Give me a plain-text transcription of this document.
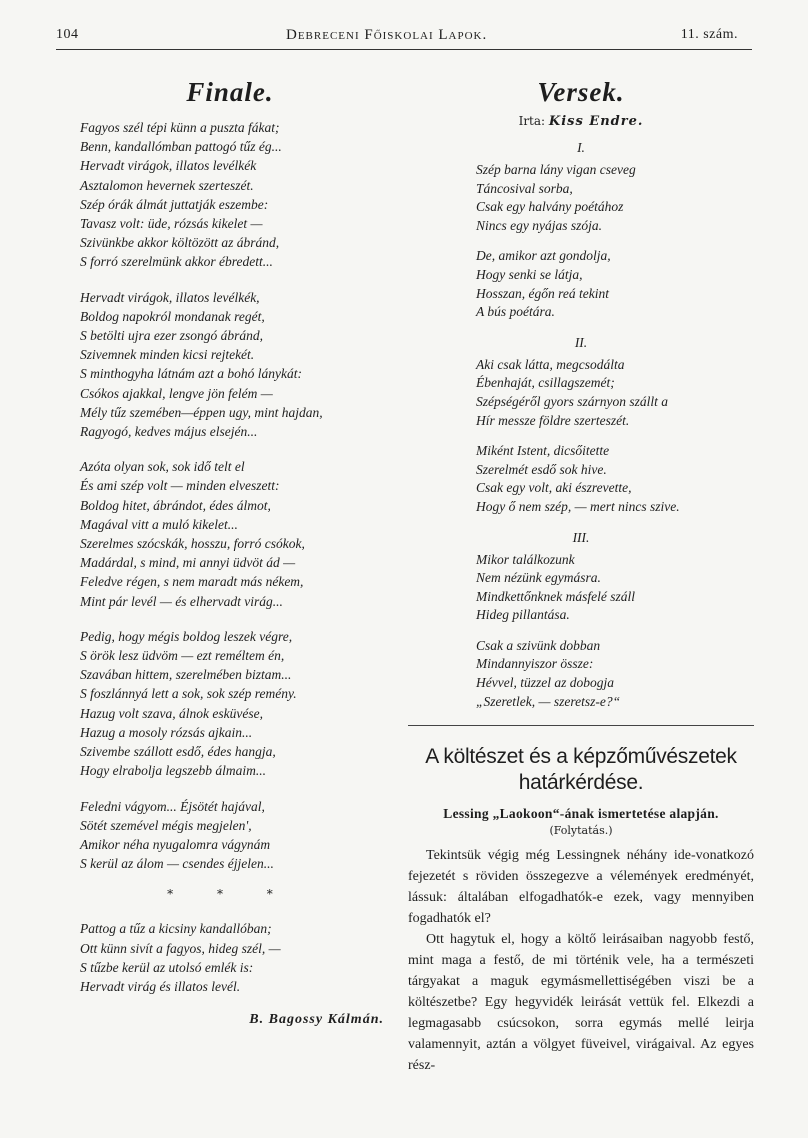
104	Debreceni Főiskolai Lapok.	11. szám.
Finale.
Fagyos szél tépi künn a puszta fákat;
Benn, kandallómban pattogó tűz ég...
Hervadt virágok, illatos levélkék
Asztalomon hevernek szerteszét.
Szép órák álmát juttatják eszembe:
Tavasz volt: üde, rózsás kikelet —
Szivünkbe akkor költözött az ábránd,
S forró szerelmünk akkor ébredett...
Hervadt virágok, illatos levélkék,
Boldog napokról mondanak regét,
S betölti ujra ezer zsongó ábránd,
Szivemnek minden kicsi rejtekét.
S minthogyha látnám azt a bohó lánykát:
Csókos ajakkal, lengve jön felém —
Mély tűz szemében—éppen ugy, mint hajdan,
Ragyogó, kedves május elsején...
Azóta olyan sok, sok idő telt el
És ami szép volt — minden elveszett:
Boldog hitet, ábrándot, édes álmot,
Magával vitt a muló kikelet...
Szerelmes szócskák, hosszu, forró csókok,
Madárdal, s mind, mi annyi üdvöt ád —
Feledve régen, s nem maradt más nékem,
Mint pár levél — és elhervadt virág...
Pedig, hogy mégis boldog leszek végre,
S örök lesz üdvöm — ezt reméltem én,
Szavában hittem, szerelmében biztam...
S foszlánnyá lett a sok, sok szép remény.
Hazug volt szava, álnok esküvése,
Hazug a mosoly rózsás ajkain...
Szivembe szállott esdő, édes hangja,
Hogy elrabolja legszebb álmaim...
Feledni vágyom... Éjsötét hajával,
Sötét szemével mégis megjelen',
Amikor néha nyugalomra vágynám
S kerül az álom — csendes éjjelen...
* * *
Pattog a tűz a kicsiny kandallóban;
Ott künn sivít a fagyos, hideg szél, —
S tűzbe kerül az utolsó emlék is:
Hervadt virág és illatos levél.
B. Bagossy Kálmán.
Versek.
Irta: Kiss Endre.
I.
Szép barna lány vigan cseveg
Táncosival sorba,
Csak egy halvány poétához
Nincs egy nyájas szója.
De, amikor azt gondolja,
Hogy senki se látja,
Hosszan, égőn reá tekint
A bús poétára.
II.
Aki csak látta, megcsodálta
Ébenhaját, csillagszemét;
Szépségéről gyors szárnyon szállt a
Hír messze földre szerteszét.
Miként Istent, dicsőitette
Szerelmét esdő sok hive.
Csak egy volt, aki észrevette,
Hogy ő nem szép, — mert nincs szive.
III.
Mikor találkozunk
Nem nézünk egymásra.
Mindkettőnknek másfelé száll
Hideg pillantása.
Csak a szivünk dobban
Mindannyiszor össze:
Hévvel, tüzzel az dobogja
„Szeretlek, — szeretsz-e?“
A költészet és a képzőművészetek
határkérdése.
Lessing „Laokoon“-ának ismertetése alapján.
(Folytatás.)

Tekintsük végig még Lessingnek néhány ide-vonatkozó fejezetét s röviden összegezve a vélemények eredményét, lássuk: általában elfogadhatók-e ezek, vagy mennyiben fogadhatók el?

Ott hagytuk el, hogy a költő leirásaiban nagyobb festő, mint maga a festő, de mi történik vele, ha a természeti tárgyakat a maguk egymásmellettiségében viszi be a költészetbe? Egy hegyvidék leirását vettük fel. Elkezdi a legmagasabb csúcsokon, sorra egymás mellé leirja valamennyit, aztán a völgyet füveivel, virágaival. Az egyes rész-
